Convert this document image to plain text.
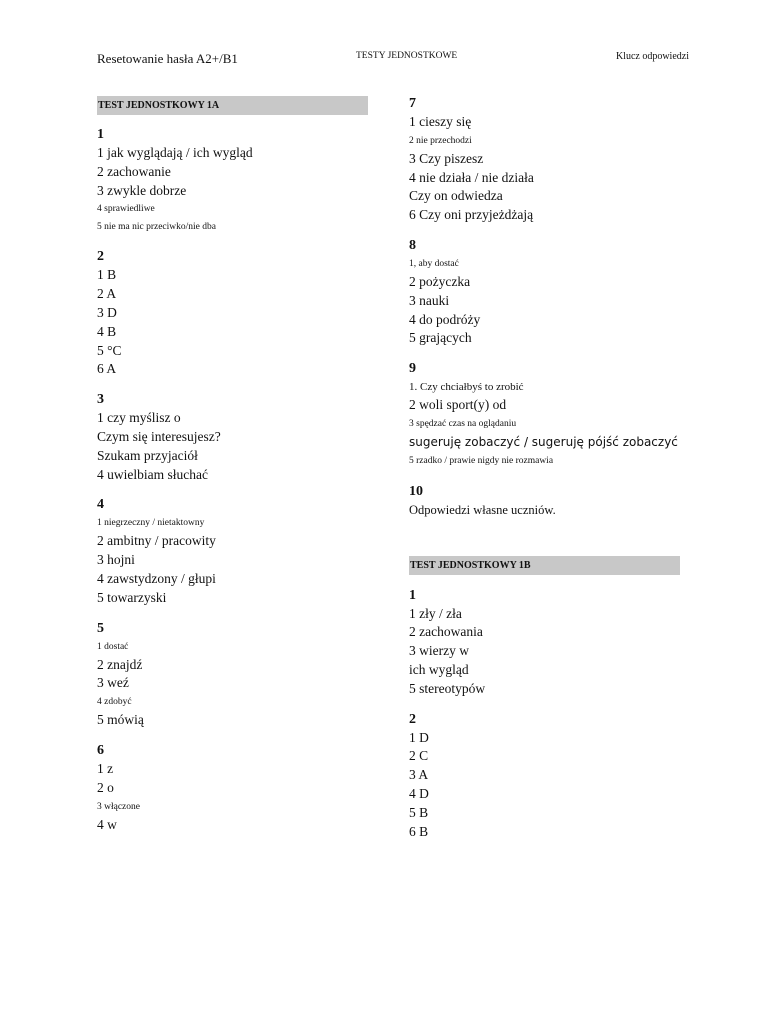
Resetowanie hasła A2+/B1	TESTY JEDNOSTKOWE	Klucz odpowiedzi
TEST JEDNOSTKOWY 1A
1
1 jak wyglądają / ich wygląd
2 zachowanie
3 zwykle dobrze
4 sprawiedliwe
5 nie ma nic przeciwko/nie dba
2
1 B
2 A
3 D
4 B
5 °C
6 A
3
1 czy myślisz o
Czym się interesujesz?
Szukam przyjaciół
4 uwielbiam słuchać
4
1 niegrzeczny / nietaktowny
2 ambitny / pracowity
3 hojni
4 zawstydzony / głupi
5 towarzyski
5
1 dostać
2 znajdź
3 weź
4 zdobyć
5 mówią
6
1 z
2 o
3 włączone
4 w
7
1 cieszy się
2 nie przechodzi
3 Czy piszesz
4 nie działa / nie działa
Czy on odwiedza
6 Czy oni przyjeżdżają
8
1, aby dostać
2 pożyczka
3 nauki
4 do podróży
5 grających
9
1. Czy chciałbyś to zrobić
2 woli sport(y) od
3 spędzać czas na oglądaniu
sugeruję zobaczyć / sugeruję pójść zobaczyć
5 rzadko / prawie nigdy nie rozmawia
10
Odpowiedzi własne uczniów.
TEST JEDNOSTKOWY 1B
1
1 zły / zła
2 zachowania
3 wierzy w
ich wygląd
5 stereotypów
2
1 D
2 C
3 A
4 D
5 B
6 B
